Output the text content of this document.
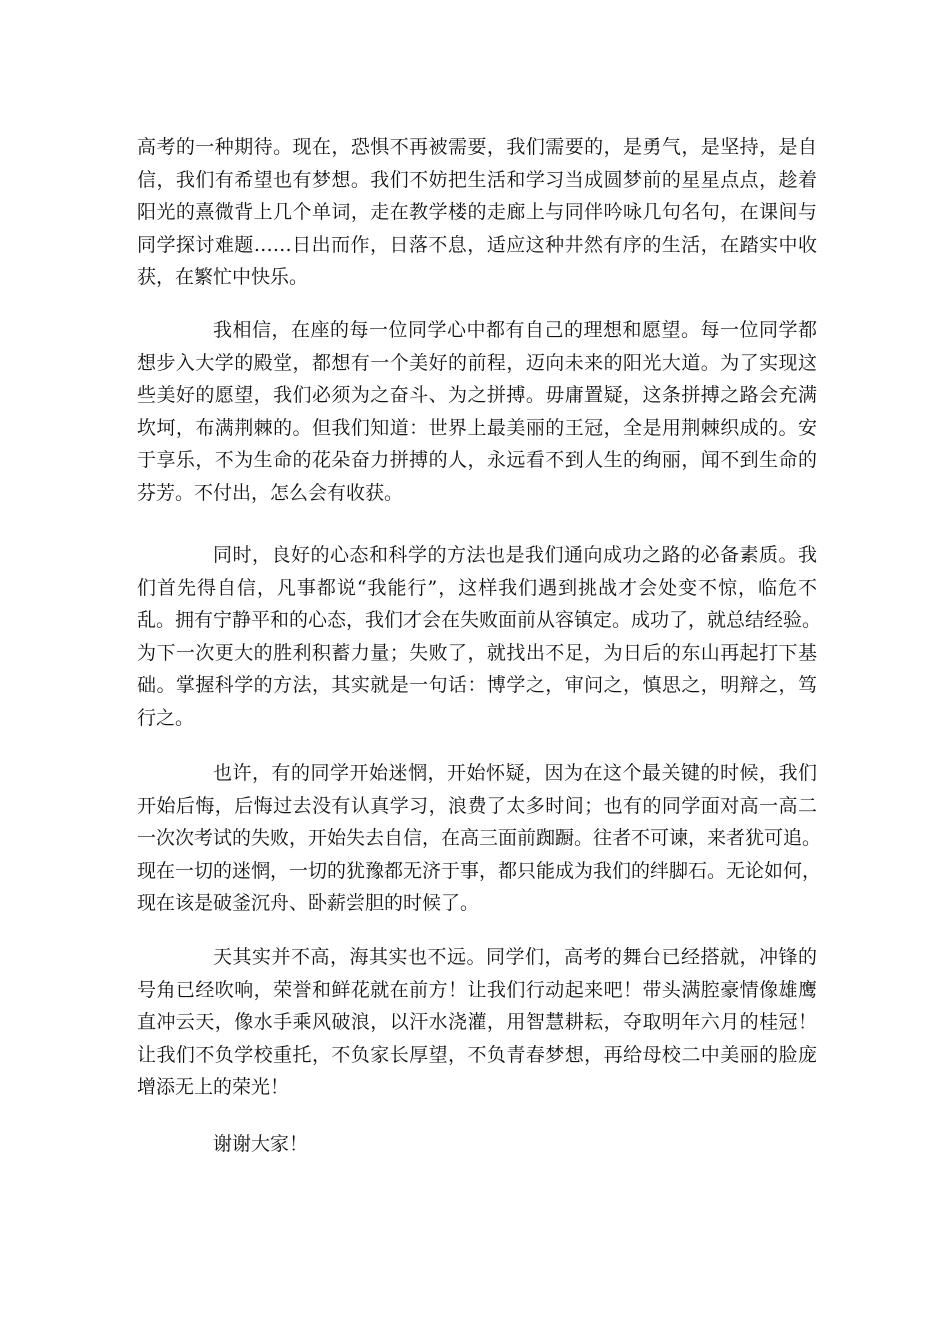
高考的一种期待。现在，恐惧不再被需要，我们需要的，是勇气，是坚持，是自
信，我们有希望也有梦想。我们不妨把生活和学习当成圆梦前的星星点点，趁着
阳光的熹微背上几个单词，走在教学楼的走廊上与同伴吟咏几句名句，在课间与
同学探讨难题……日出而作，日落不息，适应这种井然有序的生活，在踏实中收
获，在繁忙中快乐。
我相信，在座的每一位同学心中都有自己的理想和愿望。每一位同学都
想步入大学的殿堂，都想有一个美好的前程，迈向未来的阳光大道。为了实现这
些美好的愿望，我们必须为之奋斗、为之拼搏。毋庸置疑，这条拼搏之路会充满
坎坷，布满荆棘的。但我们知道：世界上最美丽的王冠，全是用荆棘织成的。安
于享乐，不为生命的花朵奋力拼搏的人，永远看不到人生的绚丽，闻不到生命的
芬芳。不付出，怎么会有收获。
同时，良好的心态和科学的方法也是我们通向成功之路的必备素质。我
们首先得自信，凡事都说“我能行”，这样我们遇到挑战才会处变不惊，临危不
乱。拥有宁静平和的心态，我们才会在失败面前从容镇定。成功了，就总结经验。
为下一次更大的胜利积蓄力量；失败了，就找出不足，为日后的东山再起打下基
础。掌握科学的方法，其实就是一句话：博学之，审问之，慎思之，明辩之，笃
行之。
也许，有的同学开始迷惘，开始怀疑，因为在这个最关键的时候，我们
开始后悔，后悔过去没有认真学习，浪费了太多时间；也有的同学面对高一高二
一次次考试的失败，开始失去自信，在高三面前踟蹰。往者不可谏，来者犹可追。
现在一切的迷惘，一切的犹豫都无济于事，都只能成为我们的绊脚石。无论如何，
现在该是破釜沉舟、卧薪尝胆的时候了。
天其实并不高，海其实也不远。同学们，高考的舞台已经搭就，冲锋的
号角已经吹响，荣誉和鲜花就在前方！让我们行动起来吧！带头满腔豪情像雄鹰
直冲云天，像水手乘风破浪，以汗水浇灌，用智慧耕耘，夺取明年六月的桂冠！
让我们不负学校重托，不负家长厚望，不负青春梦想，再给母校二中美丽的脸庞
增添无上的荣光！
谢谢大家！
